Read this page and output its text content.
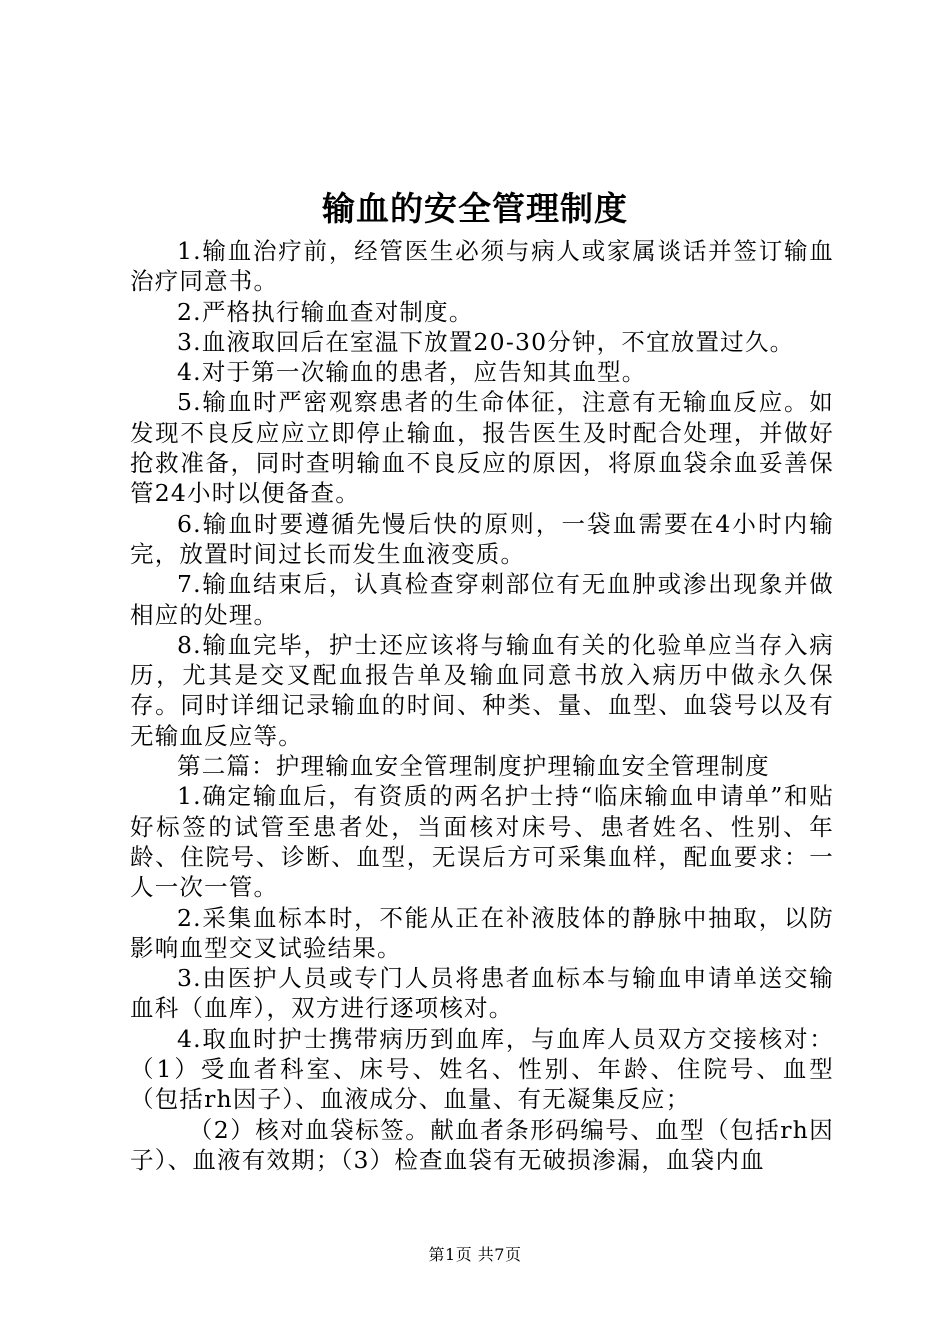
输血的安全管理制度

1.输血治疗前，经管医生必须与病人或家属谈话并签订输血治疗同意书。

2.严格执行输血查对制度。

3.血液取回后在室温下放置20-30分钟，不宜放置过久。

4.对于第一次输血的患者，应告知其血型。

5.输血时严密观察患者的生命体征，注意有无输血反应。如发现不良反应应立即停止输血，报告医生及时配合处理，并做好抢救准备，同时查明输血不良反应的原因，将原血袋余血妥善保管24小时以便备查。

6.输血时要遵循先慢后快的原则，一袋血需要在4小时内输完，放置时间过长而发生血液变质。

7.输血结束后，认真检查穿刺部位有无血肿或渗出现象并做相应的处理。

8.输血完毕，护士还应该将与输血有关的化验单应当存入病历，尤其是交叉配血报告单及输血同意书放入病历中做永久保存。同时详细记录输血的时间、种类、量、血型、血袋号以及有无输血反应等。

第二篇：护理输血安全管理制度护理输血安全管理制度

1.确定输血后，有资质的两名护士持“临床输血申请单”和贴好标签的试管至患者处，当面核对床号、患者姓名、性别、年龄、住院号、诊断、血型，无误后方可采集血样，配血要求：一人一次一管。

2.采集血标本时，不能从正在补液肢体的静脉中抽取，以防影响血型交叉试验结果。

3.由医护人员或专门人员将患者血标本与输血申请单送交输血科（血库），双方进行逐项核对。

4.取血时护士携带病历到血库，与血库人员双方交接核对：（1）受血者科室、床号、姓名、性别、年龄、住院号、血型（包括rh因子）、血液成分、血量、有无凝集反应；

（2）核对血袋标签。献血者条形码编号、血型（包括rh因子）、血液有效期；（3）检查血袋有无破损渗漏，血袋内血

第1页 共7页
